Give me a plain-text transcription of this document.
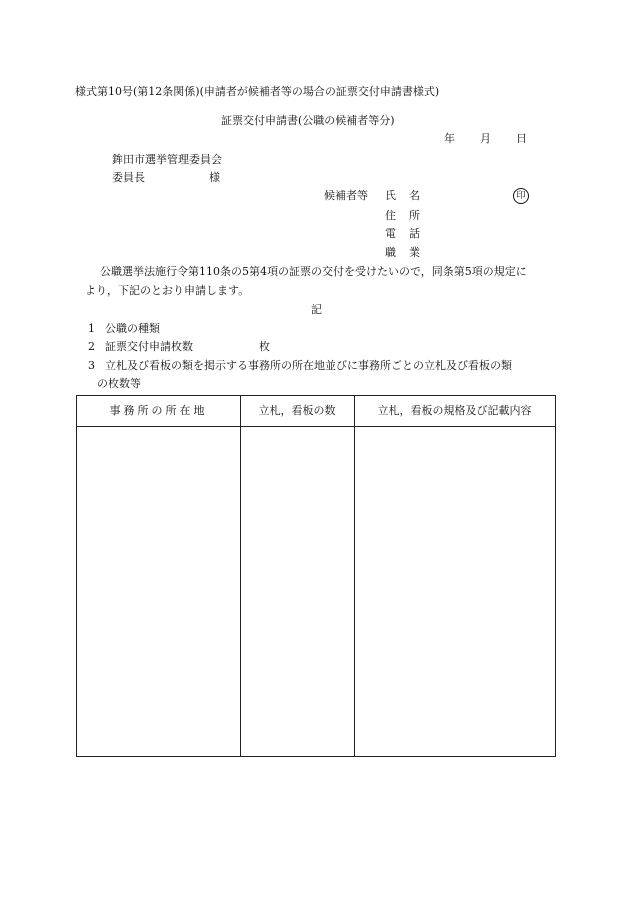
様式第10号(第12条関係)(申請者が候補者等の場合の証票交付申請書様式)
証票交付申請書(公職の候補者等分)
年 月 日
鉾田市選挙管理委員会
委員長	様
候補者等 氏 名	印
住 所
電 話
職 業
公職選挙法施行令第110条の5第4項の証票の交付を受けたいので，同条第5項の規定に
より，下記のとおり申請します。
記
1 公職の種類
2 証票交付申請枚数	枚
3 立札及び看板の類を掲示する事務所の所在地並びに事務所ごとの立札及び看板の類
の枚数等
事務所の所在地	立札，看板の数	立札，看板の規格及び記載内容
